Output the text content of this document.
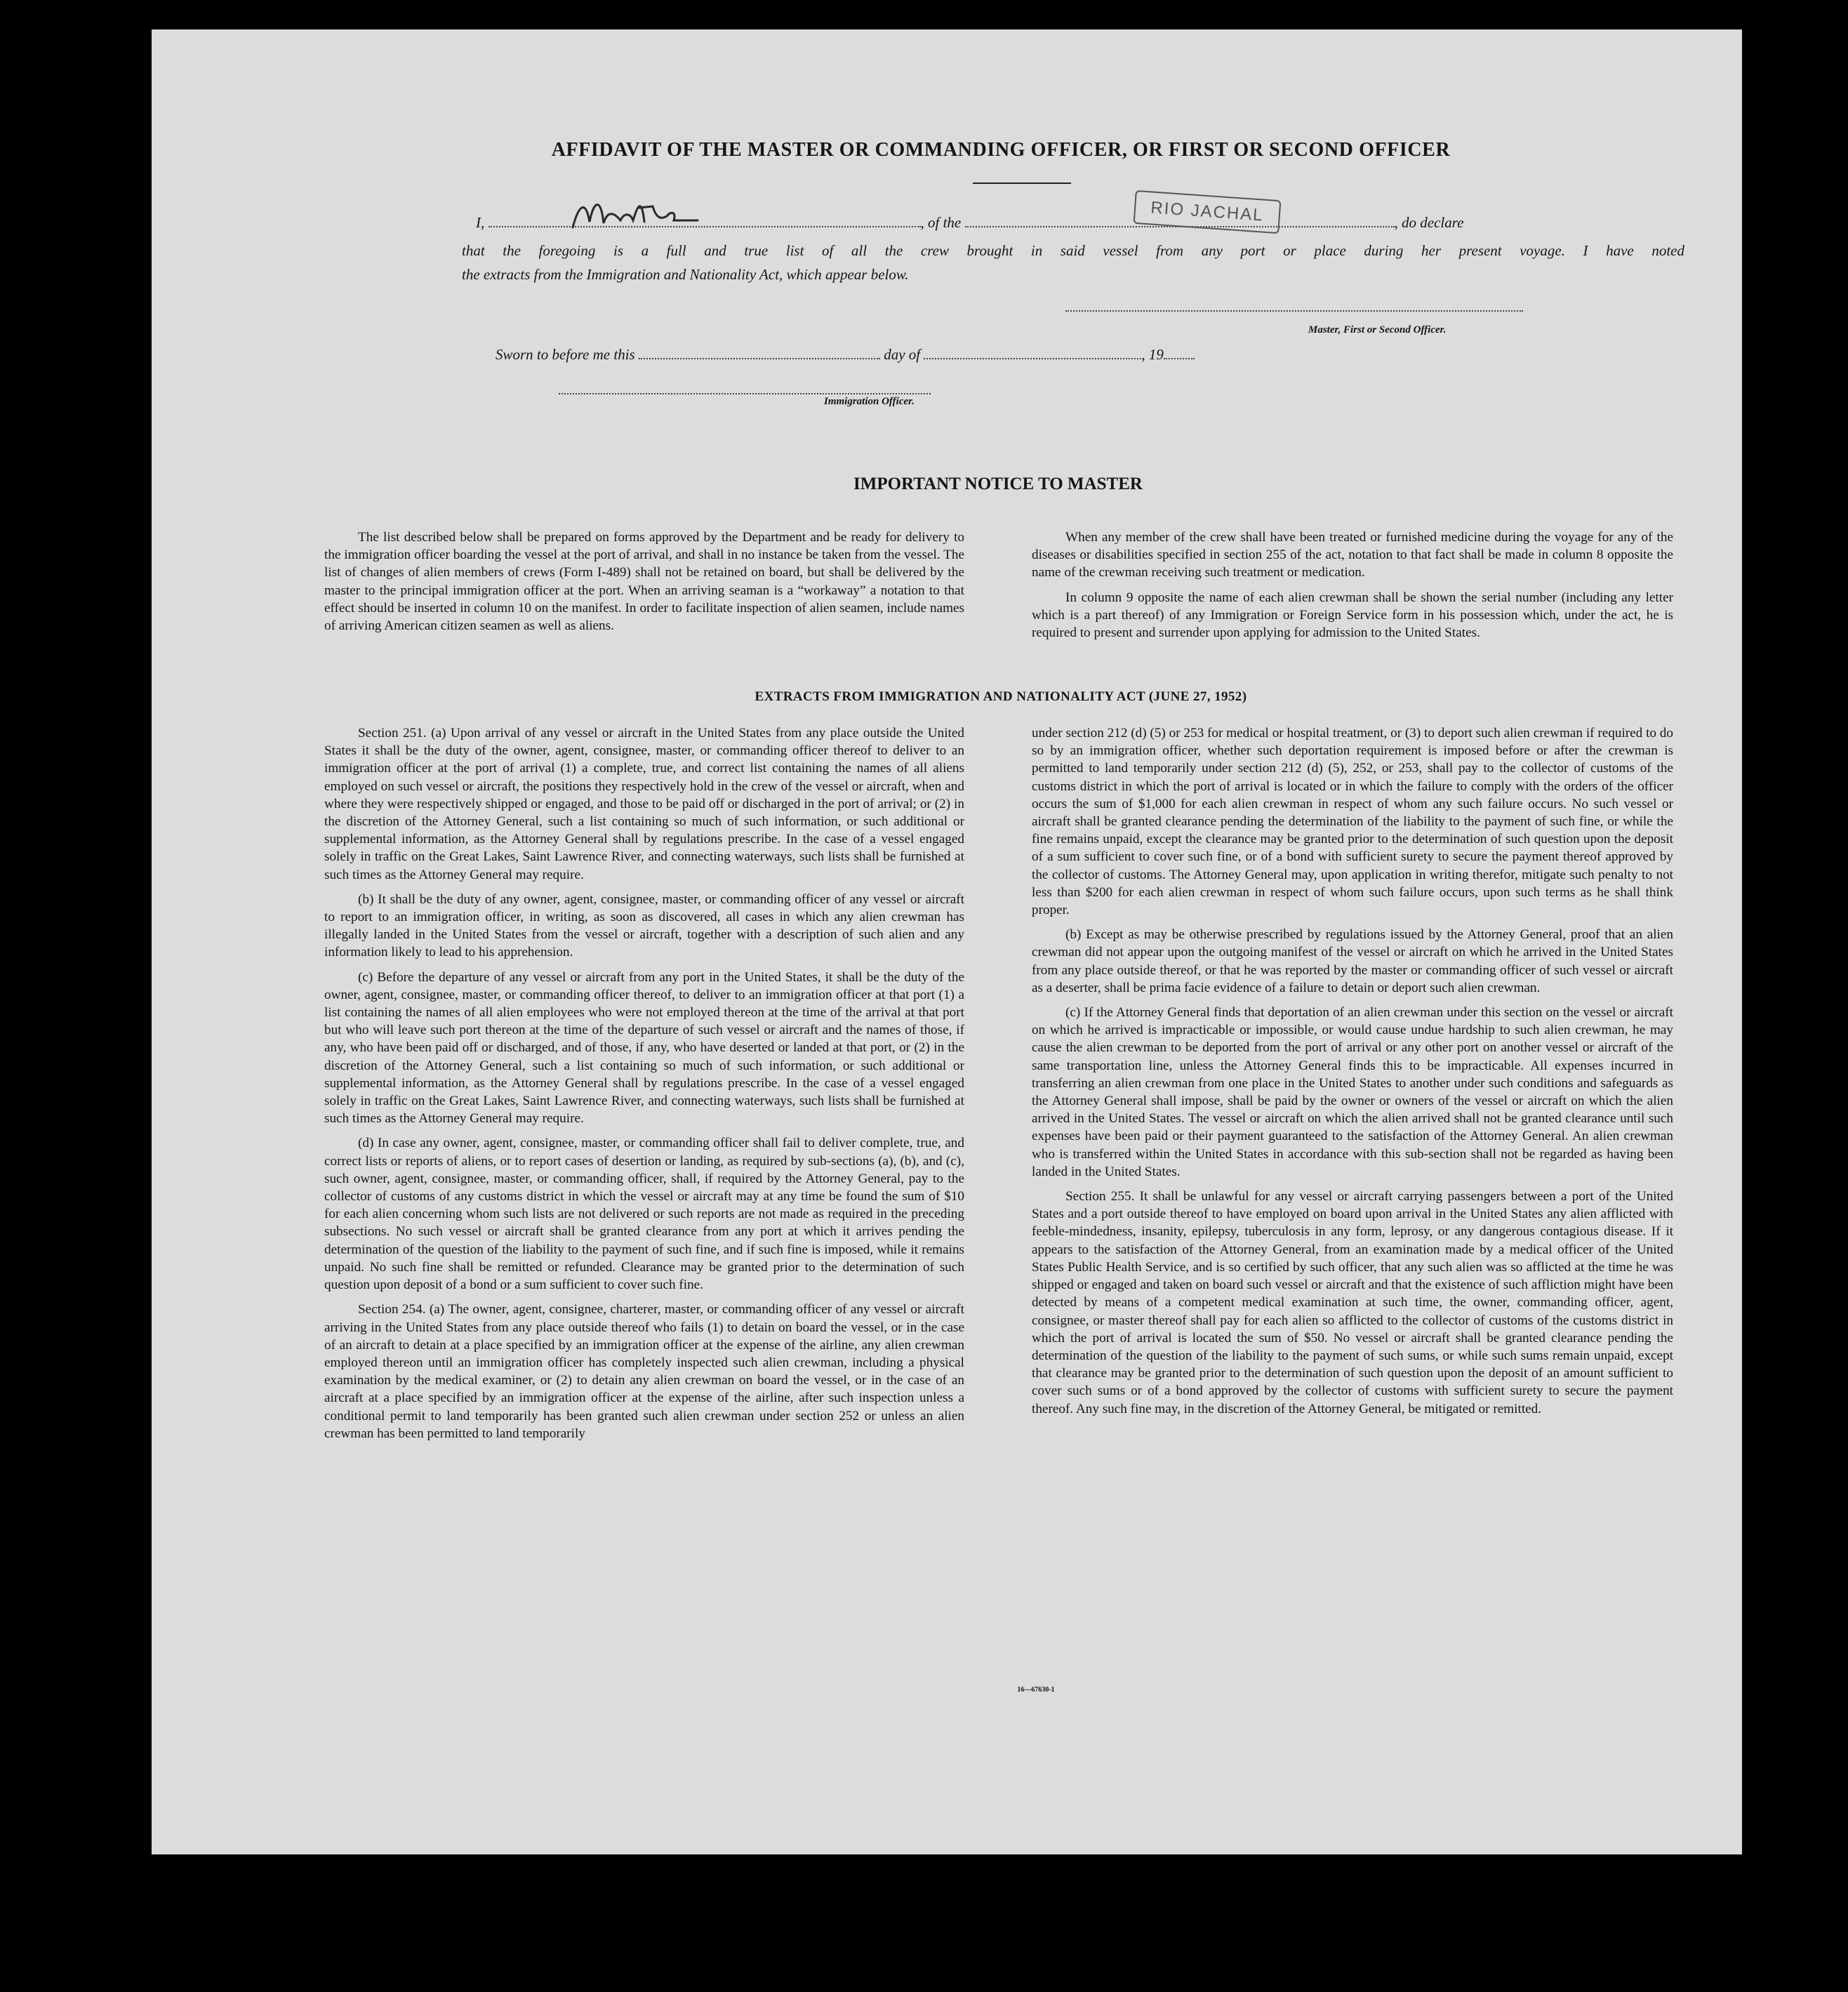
AFFIDAVIT OF THE MASTER OR COMMANDING OFFICER, OR FIRST OR SECOND OFFICER
I,	, of the	, do declare
RIO JACHAL
that the foregoing is a full and true list of all the crew brought in said vessel from any port or place during her present voyage. I have noted
the extracts from the Immigration and Nationality Act, which appear below.
Master, First or Second Officer.
Sworn to before me this	day of	, 19
Immigration Officer.
IMPORTANT NOTICE TO MASTER

The list described below shall be prepared on forms approved by the Department and be ready for delivery to the immigration officer boarding the vessel at the port of arrival, and shall in no instance be taken from the vessel. The list of changes of alien members of crews (Form I-489) shall not be retained on board, but shall be delivered by the master to the principal immigration officer at the port. When an arriving seaman is a “workaway” a notation to that effect should be inserted in column 10 on the manifest. In order to facilitate inspection of alien seamen, include names of arriving American citizen seamen as well as aliens.

When any member of the crew shall have been treated or furnished medicine during the voyage for any of the diseases or disabilities specified in section 255 of the act, notation to that fact shall be made in column 8 opposite the name of the crewman receiving such treatment or medication.

In column 9 opposite the name of each alien crewman shall be shown the serial number (including any letter which is a part thereof) of any Immigration or Foreign Service form in his possession which, under the act, he is required to present and surrender upon applying for admission to the United States.

EXTRACTS FROM IMMIGRATION AND NATIONALITY ACT (JUNE 27, 1952)

Section 251. (a) Upon arrival of any vessel or aircraft in the United States from any place outside the United States it shall be the duty of the owner, agent, consignee, master, or commanding officer thereof to deliver to an immigration officer at the port of arrival (1) a complete, true, and correct list containing the names of all aliens employed on such vessel or aircraft, the positions they respectively hold in the crew of the vessel or aircraft, when and where they were respectively shipped or engaged, and those to be paid off or discharged in the port of arrival; or (2) in the discretion of the Attorney General, such a list containing so much of such information, or such additional or supplemental information, as the Attorney General shall by regulations prescribe. In the case of a vessel engaged solely in traffic on the Great Lakes, Saint Lawrence River, and connecting waterways, such lists shall be furnished at such times as the Attorney General may require.

(b) It shall be the duty of any owner, agent, consignee, master, or commanding officer of any vessel or aircraft to report to an immigration officer, in writing, as soon as discovered, all cases in which any alien crewman has illegally landed in the United States from the vessel or aircraft, together with a description of such alien and any information likely to lead to his apprehension.

(c) Before the departure of any vessel or aircraft from any port in the United States, it shall be the duty of the owner, agent, consignee, master, or commanding officer thereof, to deliver to an immigration officer at that port (1) a list containing the names of all alien employees who were not employed thereon at the time of the arrival at that port but who will leave such port thereon at the time of the departure of such vessel or aircraft and the names of those, if any, who have been paid off or discharged, and of those, if any, who have deserted or landed at that port, or (2) in the discretion of the Attorney General, such a list containing so much of such information, or such additional or supplemental information, as the Attorney General shall by regulations prescribe. In the case of a vessel engaged solely in traffic on the Great Lakes, Saint Lawrence River, and connecting waterways, such lists shall be furnished at such times as the Attorney General may require.

(d) In case any owner, agent, consignee, master, or commanding officer shall fail to deliver complete, true, and correct lists or reports of aliens, or to report cases of desertion or landing, as required by sub-sections (a), (b), and (c), such owner, agent, consignee, master, or commanding officer, shall, if required by the Attorney General, pay to the collector of customs of any customs district in which the vessel or aircraft may at any time be found the sum of $10 for each alien concerning whom such lists are not delivered or such reports are not made as required in the preceding subsections. No such vessel or aircraft shall be granted clearance from any port at which it arrives pending the determination of the question of the liability to the payment of such fine, and if such fine is imposed, while it remains unpaid. No such fine shall be remitted or refunded. Clearance may be granted prior to the determination of such question upon deposit of a bond or a sum sufficient to cover such fine.

Section 254. (a) The owner, agent, consignee, charterer, master, or commanding officer of any vessel or aircraft arriving in the United States from any place outside thereof who fails (1) to detain on board the vessel, or in the case of an aircraft to detain at a place specified by an immigration officer at the expense of the airline, any alien crewman employed thereon until an immigration officer has completely inspected such alien crewman, including a physical examination by the medical examiner, or (2) to detain any alien crewman on board the vessel, or in the case of an aircraft at a place specified by an immigration officer at the expense of the airline, after such inspection unless a conditional permit to land temporarily has been granted such alien crewman under section 252 or unless an alien crewman has been permitted to land temporarily

under section 212 (d) (5) or 253 for medical or hospital treatment, or (3) to deport such alien crewman if required to do so by an immigration officer, whether such deportation requirement is imposed before or after the crewman is permitted to land temporarily under section 212 (d) (5), 252, or 253, shall pay to the collector of customs of the customs district in which the port of arrival is located or in which the failure to comply with the orders of the officer occurs the sum of $1,000 for each alien crewman in respect of whom any such failure occurs. No such vessel or aircraft shall be granted clearance pending the determination of the liability to the payment of such fine, or while the fine remains unpaid, except the clearance may be granted prior to the determination of such question upon the deposit of a sum sufficient to cover such fine, or of a bond with sufficient surety to secure the payment thereof approved by the collector of customs. The Attorney General may, upon application in writing therefor, mitigate such penalty to not less than $200 for each alien crewman in respect of whom such failure occurs, upon such terms as he shall think proper.

(b) Except as may be otherwise prescribed by regulations issued by the Attorney General, proof that an alien crewman did not appear upon the outgoing manifest of the vessel or aircraft on which he arrived in the United States from any place outside thereof, or that he was reported by the master or commanding officer of such vessel or aircraft as a deserter, shall be prima facie evidence of a failure to detain or deport such alien crewman.

(c) If the Attorney General finds that deportation of an alien crewman under this section on the vessel or aircraft on which he arrived is impracticable or impossible, or would cause undue hardship to such alien crewman, he may cause the alien crewman to be deported from the port of arrival or any other port on another vessel or aircraft of the same transportation line, unless the Attorney General finds this to be impracticable. All expenses incurred in transferring an alien crewman from one place in the United States to another under such conditions and safeguards as the Attorney General shall impose, shall be paid by the owner or owners of the vessel or aircraft on which the alien arrived in the United States. The vessel or aircraft on which the alien arrived shall not be granted clearance until such expenses have been paid or their payment guaranteed to the satisfaction of the Attorney General. An alien crewman who is transferred within the United States in accordance with this sub-section shall not be regarded as having been landed in the United States.

Section 255. It shall be unlawful for any vessel or aircraft carrying passengers between a port of the United States and a port outside thereof to have employed on board upon arrival in the United States any alien afflicted with feeble-mindedness, insanity, epilepsy, tuberculosis in any form, leprosy, or any dangerous contagious disease. If it appears to the satisfaction of the Attorney General, from an examination made by a medical officer of the United States Public Health Service, and is so certified by such officer, that any such alien was so afflicted at the time he was shipped or engaged and taken on board such vessel or aircraft and that the existence of such affliction might have been detected by means of a competent medical examination at such time, the owner, commanding officer, agent, consignee, or master thereof shall pay for each alien so afflicted to the collector of customs of the customs district in which the port of arrival is located the sum of $50. No vessel or aircraft shall be granted clearance pending the determination of the question of the liability to the payment of such sums, or while such sums remain unpaid, except that clearance may be granted prior to the determination of such question upon the deposit of an amount sufficient to cover such sums or of a bond approved by the collector of customs with sufficient surety to secure the payment thereof. Any such fine may, in the discretion of the Attorney General, be mitigated or remitted.

16—67630-1
